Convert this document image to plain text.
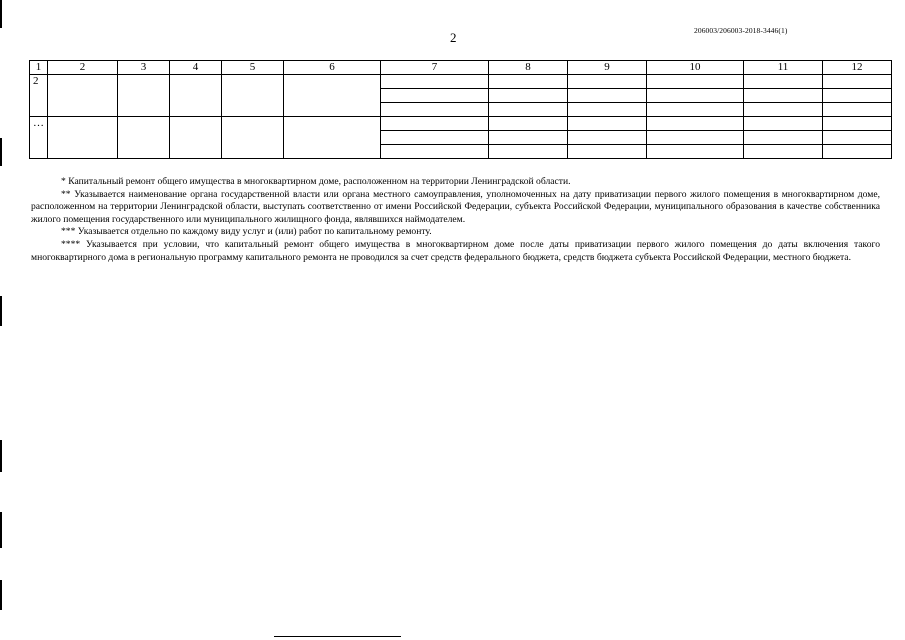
2	206003/206003-2018-3446(1)
1	2	3	4	5	6	7	8	9	10	11	12
2											

…											

* Капитальный ремонт общего имущества в многоквартирном доме, расположенном на территории Ленинградской области.

** Указывается наименование органа государственной власти или органа местного самоуправления, уполномоченных на дату приватизации первого жилого помещения в многоквартирном доме, расположенном на территории Ленинградской области, выступать соответственно от имени Российской Федерации, субъекта Российской Федерации, муниципального образования в качестве собственника жилого помещения государственного или муниципального жилищного фонда, являвшихся наймодателем.

*** Указывается отдельно по каждому виду услуг и (или) работ по капитальному ремонту.

**** Указывается при условии, что капитальный ремонт общего имущества в многоквартирном доме после даты приватизации первого жилого помещения до даты включения такого многоквартирного дома в региональную программу капитального ремонта не проводился за счет средств федерального бюджета, средств бюджета субъекта Российской Федерации, местного бюджета.
